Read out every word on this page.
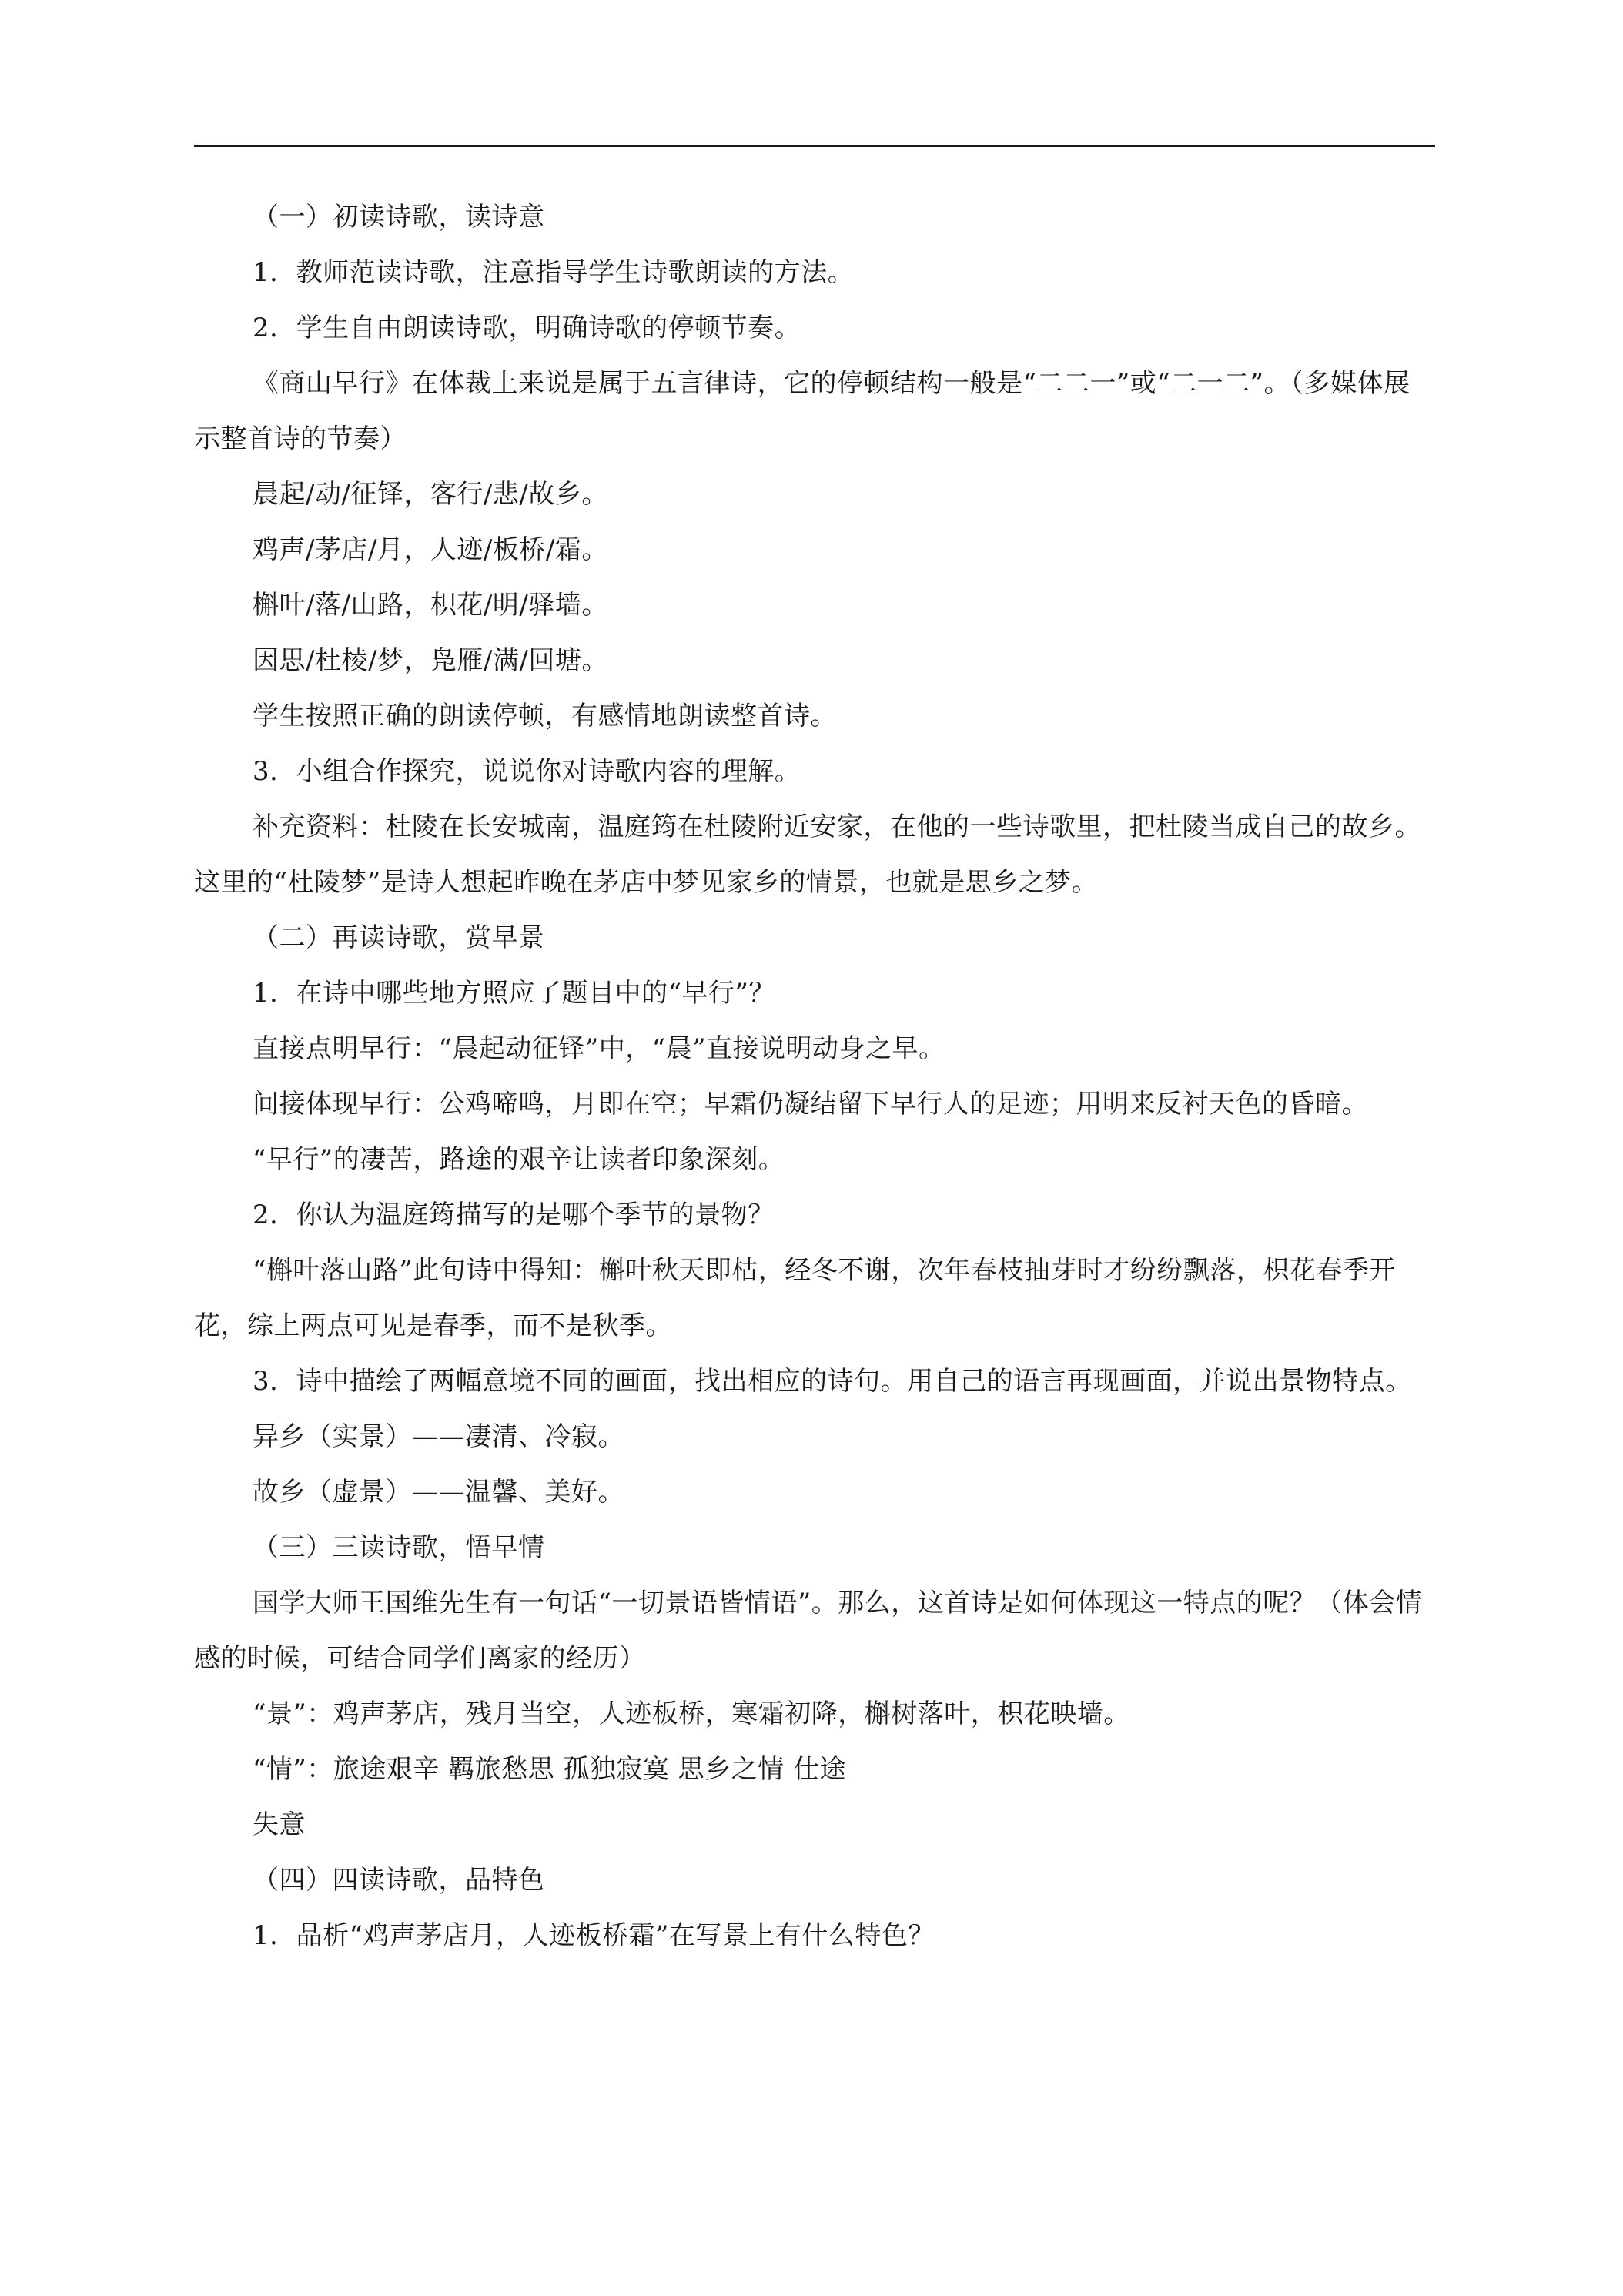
（一）初读诗歌，读诗意

1．教师范读诗歌，注意指导学生诗歌朗读的方法。

2．学生自由朗读诗歌，明确诗歌的停顿节奏。

《商山早行》在体裁上来说是属于五言律诗，它的停顿结构一般是“二二一”或“二一二”。（多媒体展示整首诗的节奏）

晨起/动/征铎，客行/悲/故乡。

鸡声/茅店/月，人迹/板桥/霜。

槲叶/落/山路，枳花/明/驿墙。

因思/杜棱/梦，凫雁/满/回塘。

学生按照正确的朗读停顿，有感情地朗读整首诗。

3．小组合作探究，说说你对诗歌内容的理解。

补充资料：杜陵在长安城南，温庭筠在杜陵附近安家，在他的一些诗歌里，把杜陵当成自己的故乡。这里的“杜陵梦”是诗人想起昨晚在茅店中梦见家乡的情景，也就是思乡之梦。

（二）再读诗歌，赏早景

1．在诗中哪些地方照应了题目中的“早行”？

直接点明早行：“晨起动征铎”中，“晨”直接说明动身之早。

间接体现早行：公鸡啼鸣，月即在空；早霜仍凝结留下早行人的足迹；用明来反衬天色的昏暗。

“早行”的凄苦，路途的艰辛让读者印象深刻。

2．你认为温庭筠描写的是哪个季节的景物？

“槲叶落山路”此句诗中得知：槲叶秋天即枯，经冬不谢，次年春枝抽芽时才纷纷飘落，枳花春季开花，综上两点可见是春季，而不是秋季。

3．诗中描绘了两幅意境不同的画面，找出相应的诗句。用自己的语言再现画面，并说出景物特点。

异乡（实景）——凄清、冷寂。

故乡（虚景）——温馨、美好。

（三）三读诗歌，悟早情

国学大师王国维先生有一句话“一切景语皆情语”。那么，这首诗是如何体现这一特点的呢？（体会情感的时候，可结合同学们离家的经历）

“景”：鸡声茅店，残月当空，人迹板桥，寒霜初降，槲树落叶，枳花映墙。

“情”：旅途艰辛 羁旅愁思 孤独寂寞 思乡之情 仕途

失意

（四）四读诗歌，品特色

1．品析“鸡声茅店月，人迹板桥霜”在写景上有什么特色？
